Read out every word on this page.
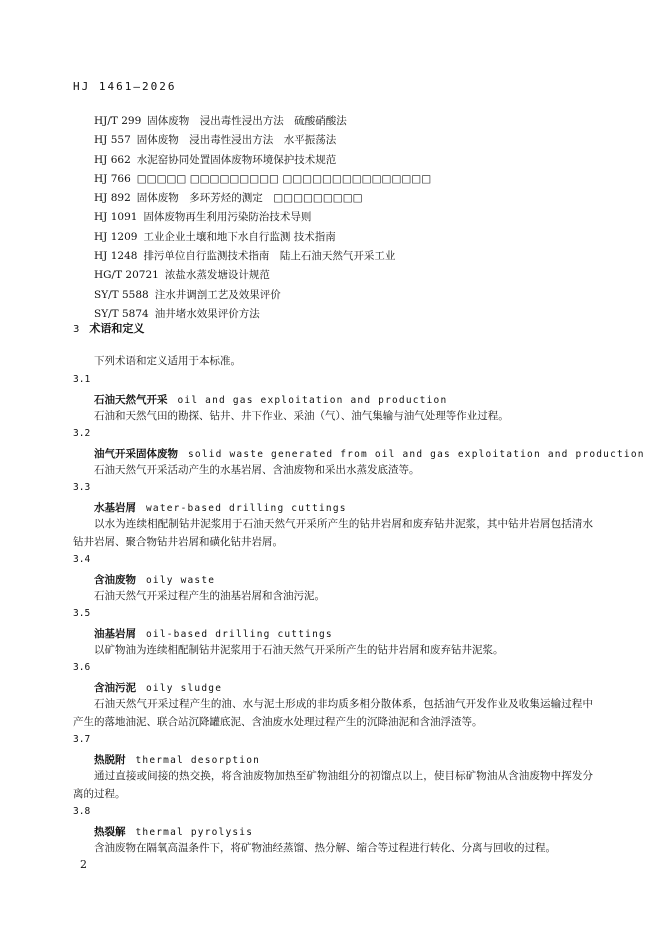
HJ 1461—2026
HJ/T 299 固体废物　浸出毒性浸出方法　硫酸硝酸法
HJ 557 固体废物　浸出毒性浸出方法　水平振荡法
HJ 662 水泥窑协同处置固体废物环境保护技术规范
HJ 766 □□□□□ □□□□□□□□□ □□□□□□□□□□□□□□□
HJ 892 固体废物　多环芳烃的测定　□□□□□□□□□
HJ 1091 固体废物再生利用污染防治技术导则
HJ 1209 工业企业土壤和地下水自行监测 技术指南
HJ 1248 排污单位自行监测技术指南　陆上石油天然气开采工业
HG/T 20721 浓盐水蒸发塘设计规范
SY/T 5588 注水井调剖工艺及效果评价
SY/T 5874 油井堵水效果评价方法
3 术语和定义
下列术语和定义适用于本标准。
3.1
石油天然气开采 oil and gas exploitation and production
石油和天然气田的勘探、钻井、井下作业、采油（气）、油气集输与油气处理等作业过程。
3.2
油气开采固体废物 solid waste generated from oil and gas exploitation and production
石油天然气开采活动产生的水基岩屑、含油废物和采出水蒸发底渣等。
3.3
水基岩屑 water-based drilling cuttings
以水为连续相配制钻井泥浆用于石油天然气开采所产生的钻井岩屑和废弃钻井泥浆，其中钻井岩屑包括清水钻井岩屑、聚合物钻井岩屑和磺化钻井岩屑。
3.4
含油废物 oily waste
石油天然气开采过程产生的油基岩屑和含油污泥。
3.5
油基岩屑 oil-based drilling cuttings
以矿物油为连续相配制钻井泥浆用于石油天然气开采所产生的钻井岩屑和废弃钻井泥浆。
3.6
含油污泥 oily sludge
石油天然气开采过程产生的油、水与泥土形成的非均质多相分散体系，包括油气开发作业及收集运输过程中产生的落地油泥、联合站沉降罐底泥、含油废水处理过程产生的沉降油泥和含油浮渣等。
3.7
热脱附 thermal desorption
通过直接或间接的热交换，将含油废物加热至矿物油组分的初馏点以上，使目标矿物油从含油废物中挥发分离的过程。
3.8
热裂解 thermal pyrolysis
含油废物在隔氧高温条件下，将矿物油经蒸馏、热分解、缩合等过程进行转化、分离与回收的过程。
2
